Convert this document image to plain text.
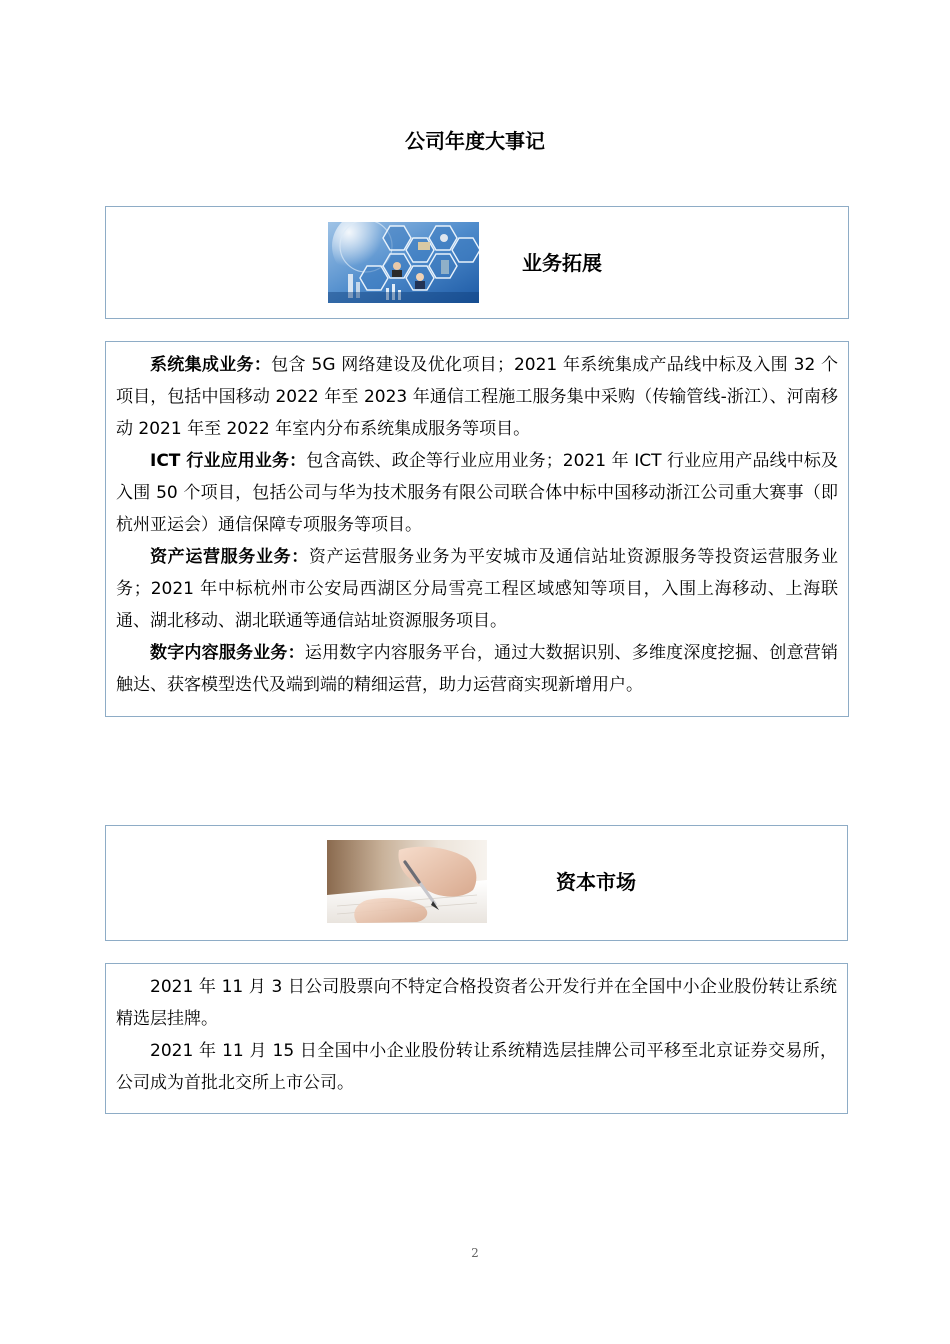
公司年度大事记
业务拓展

系统集成业务：包含 5G 网络建设及优化项目；2021 年系统集成产品线中标及入围 32 个项目，包括中国移动 2022 年至 2023 年通信工程施工服务集中采购（传输管线-浙江）、河南移动 2021 年至 2022 年室内分布系统集成服务等项目。

ICT 行业应用业务：包含高铁、政企等行业应用业务；2021 年 ICT 行业应用产品线中标及入围 50 个项目，包括公司与华为技术服务有限公司联合体中标中国移动浙江公司重大赛事（即杭州亚运会）通信保障专项服务等项目。

资产运营服务业务：资产运营服务业务为平安城市及通信站址资源服务等投资运营服务业务；2021 年中标杭州市公安局西湖区分局雪亮工程区域感知等项目，入围上海移动、上海联通、湖北移动、湖北联通等通信站址资源服务项目。

数字内容服务业务：运用数字内容服务平台，通过大数据识别、多维度深度挖掘、创意营销触达、获客模型迭代及端到端的精细运营，助力运营商实现新增用户。

资本市场

2021 年 11 月 3 日公司股票向不特定合格投资者公开发行并在全国中小企业股份转让系统精选层挂牌。

2021 年 11 月 15 日全国中小企业股份转让系统精选层挂牌公司平移至北京证券交易所，公司成为首批北交所上市公司。

2
